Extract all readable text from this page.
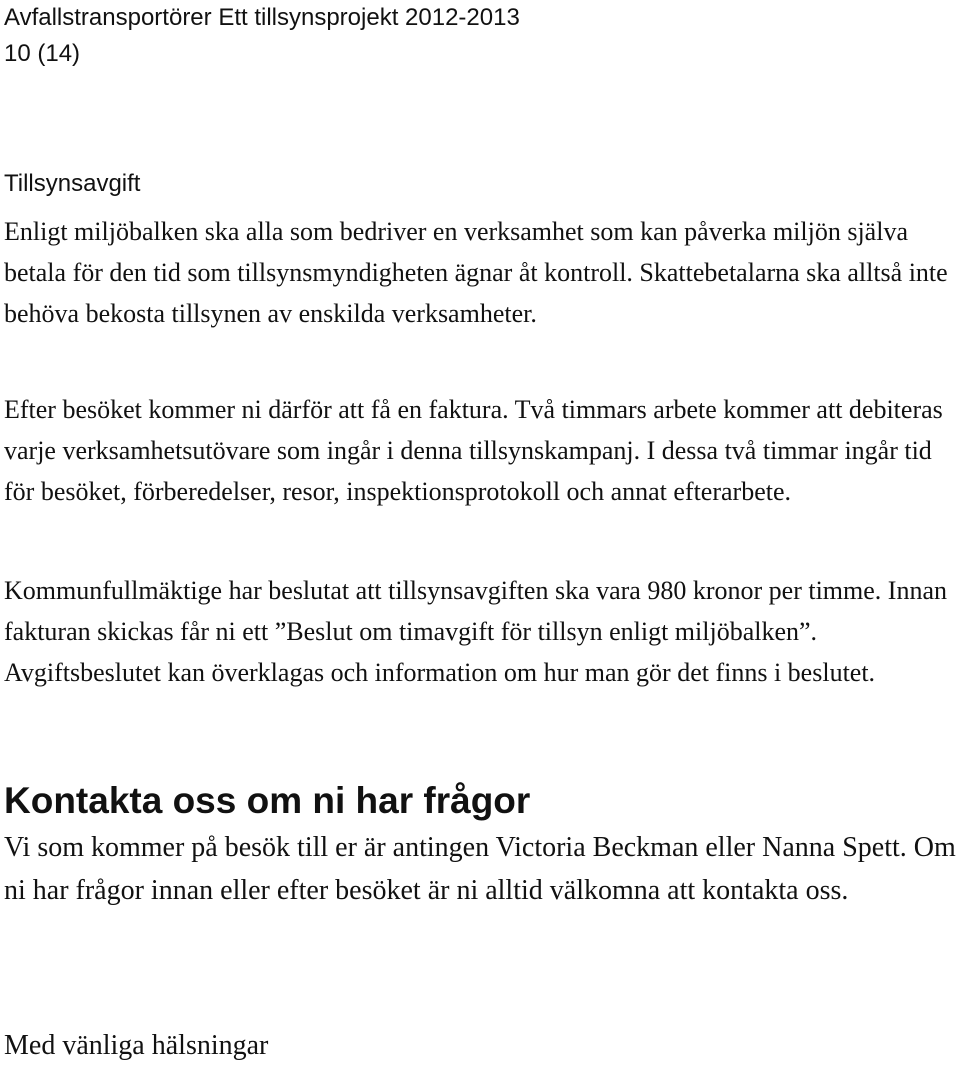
Avfallstransportörer Ett tillsynsprojekt 2012-2013
10 (14)
Tillsynsavgift

Enligt miljöbalken ska alla som bedriver en verksamhet som kan påverka miljön själva betala för den tid som tillsynsmyndigheten ägnar åt kontroll. Skattebetalarna ska alltså inte behöva bekosta tillsynen av enskilda verksamheter.

Efter besöket kommer ni därför att få en faktura. Två timmars arbete kommer att debiteras varje verksamhetsutövare som ingår i denna tillsynskampanj. I dessa två timmar ingår tid för besöket, förberedelser, resor, inspektionsprotokoll och annat efterarbete.

Kommunfullmäktige har beslutat att tillsynsavgiften ska vara 980 kronor per timme. Innan fakturan skickas får ni ett ”Beslut om timavgift för tillsyn enligt miljöbalken”. Avgiftsbeslutet kan överklagas och information om hur man gör det finns i beslutet.

Kontakta oss om ni har frågor

Vi som kommer på besök till er är antingen Victoria Beckman eller Nanna Spett. Om ni har frågor innan eller efter besöket är ni alltid välkomna att kontakta oss.

Med vänliga hälsningar
